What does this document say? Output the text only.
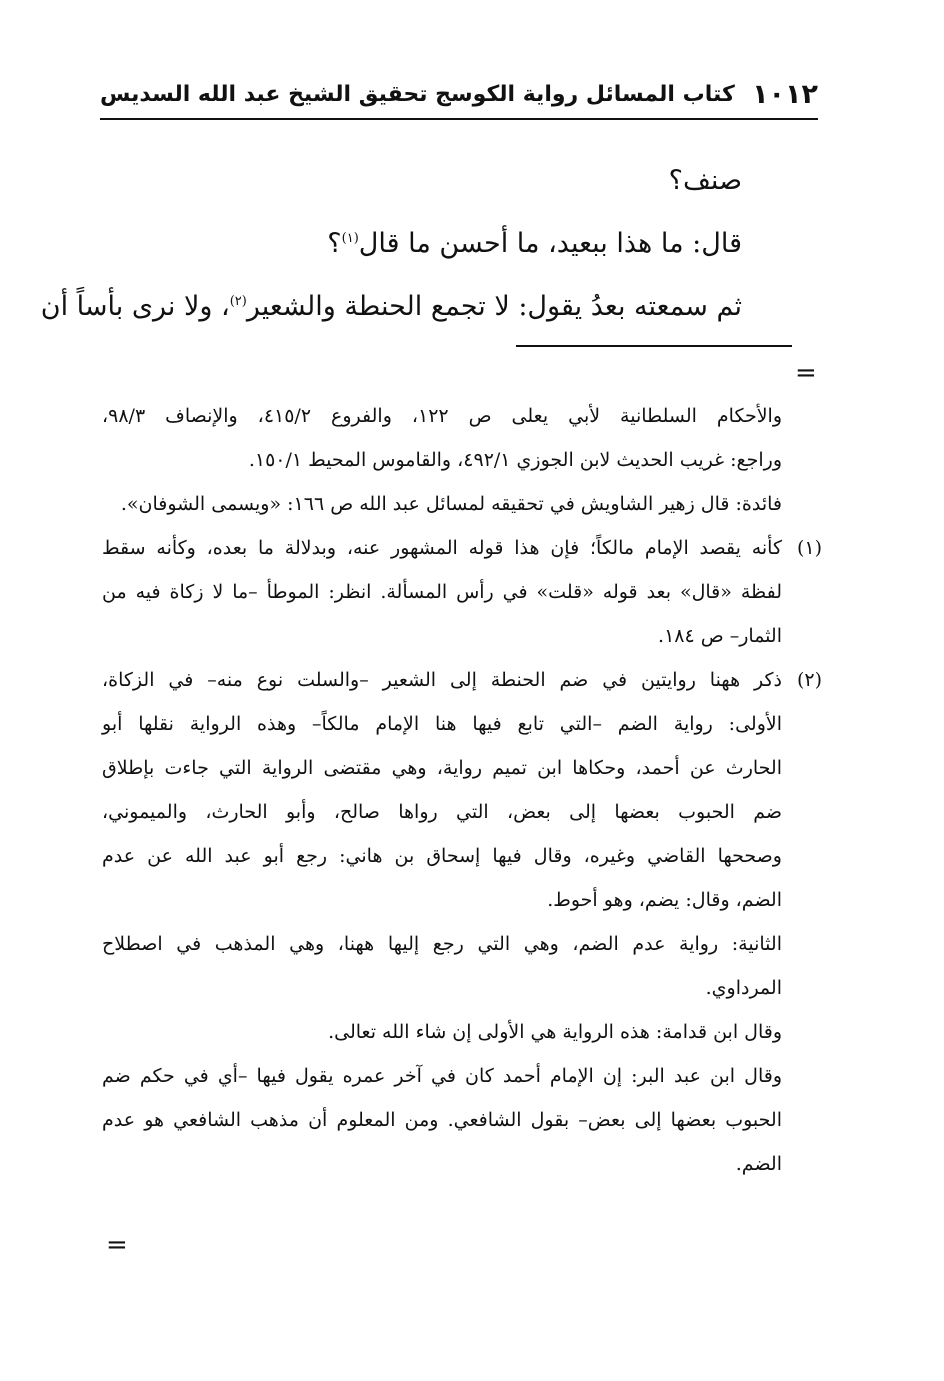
١٠١٢
كتاب المسائل رواية الكوسج تحقيق الشيخ عبد الله السديس
صنف؟
قال: ما هذا ببعيد، ما أحسن ما قال$^{(١)}$؟
ثم سمعته بعدُ يقول: لا تجمع الحنطة والشعير$^{(٢)}$، ولا نرى بأساً أن
=
والأحكام السلطانية لأبي يعلى ص ١٢٢، والفروع ٤١٥/٢، والإنصاف ٩٨/٣،
وراجع: غريب الحديث لابن الجوزي ٤٩٢/١، والقاموس المحيط ١٥٠/١.
فائدة: قال زهير الشاويش في تحقيقه لمسائل عبد الله ص ١٦٦: «ويسمى الشوفان».
(١)
كأنه يقصد الإمام مالكاً؛ فإن هذا قوله المشهور عنه، وبدلالة ما بعده، وكأنه سقط
لفظة «قال» بعد قوله «قلت» في رأس المسألة. انظر: الموطأ –ما لا زكاة فيه من
الثمار– ص ١٨٤.
(٢)
ذكر ههنا روايتين في ضم الحنطة إلى الشعير –والسلت نوع منه– في الزكاة،
الأولى: رواية الضم –التي تابع فيها هنا الإمام مالكاً– وهذه الرواية نقلها أبو
الحارث عن أحمد، وحكاها ابن تميم رواية، وهي مقتضى الرواية التي جاءت بإطلاق
ضم الحبوب بعضها إلى بعض، التي رواها صالح، وأبو الحارث، والميموني،
وصححها القاضي وغيره، وقال فيها إسحاق بن هاني: رجع أبو عبد الله عن عدم
الضم، وقال: يضم، وهو أحوط.
الثانية: رواية عدم الضم، وهي التي رجع إليها ههنا، وهي المذهب في اصطلاح
المرداوي.
وقال ابن قدامة: هذه الرواية هي الأولى إن شاء الله تعالى.
وقال ابن عبد البر: إن الإمام أحمد كان في آخر عمره يقول فيها –أي في حكم ضم
الحبوب بعضها إلى بعض– بقول الشافعي. ومن المعلوم أن مذهب الشافعي هو عدم
الضم.
=
